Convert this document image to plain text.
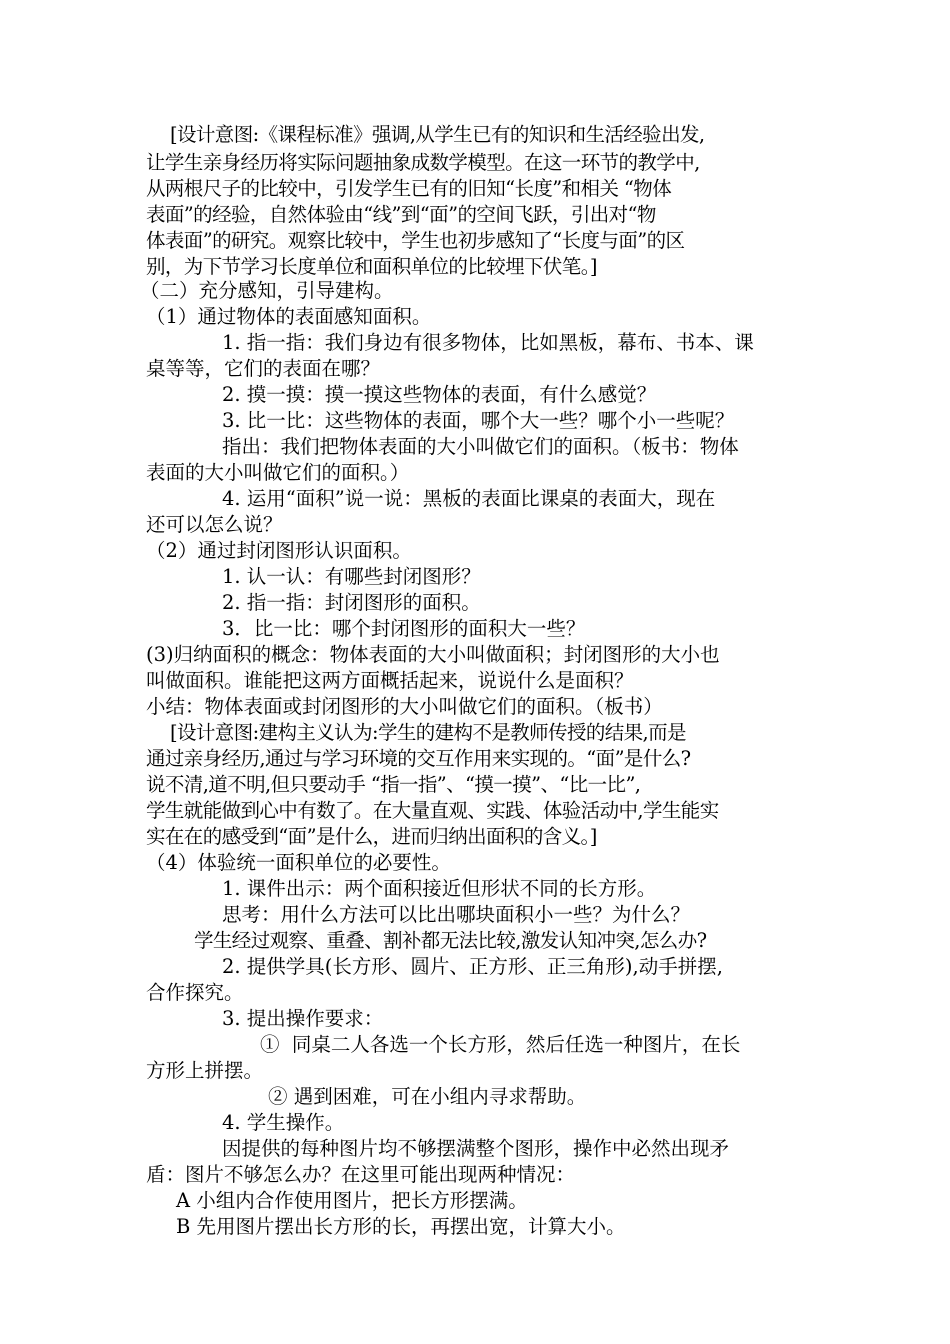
[设计意图:《课程标准》强调,从学生已有的知识和生活经验出发,
让学生亲身经历将实际问题抽象成数学模型。在这一环节的教学中,
从两根尺子的比较中，引发学生已有的旧知“长度”和相关 “物体
表面”的经验，自然体验由“线”到“面”的空间飞跃，引出对“物
体表面”的研究。观察比较中，学生也初步感知了“长度与面”的区
别，为下节学习长度单位和面积单位的比较埋下伏笔。]
（二）充分感知，引导建构。
（1）通过物体的表面感知面积。
1. 指一指：我们身边有很多物体，比如黑板，幕布、书本、课
桌等等，它们的表面在哪？
2. 摸一摸：摸一摸这些物体的表面，有什么感觉？
3. 比一比：这些物体的表面，哪个大一些？哪个小一些呢？
指出：我们把物体表面的大小叫做它们的面积。（板书：物体
表面的大小叫做它们的面积。）
4. 运用“面积”说一说：黑板的表面比课桌的表面大，现在
还可以怎么说？
（2）通过封闭图形认识面积。
1. 认一认：有哪些封闭图形？
2. 指一指：封闭图形的面积。
3．比一比：哪个封闭图形的面积大一些？
(3)归纳面积的概念：物体表面的大小叫做面积；封闭图形的大小也
叫做面积。谁能把这两方面概括起来，说说什么是面积？
小结：物体表面或封闭图形的大小叫做它们的面积。（板书）
[设计意图:建构主义认为:学生的建构不是教师传授的结果,而是
通过亲身经历,通过与学习环境的交互作用来实现的。“面”是什么?
说不清,道不明,但只要动手 “指一指”、“摸一摸”、“比一比”,
学生就能做到心中有数了。在大量直观、实践、体验活动中,学生能实
实在在的感受到“面”是什么，进而归纳出面积的含义。]
（4）体验统一面积单位的必要性。
1. 课件出示：两个面积接近但形状不同的长方形。
思考：用什么方法可以比出哪块面积小一些？为什么？
学生经过观察、重叠、割补都无法比较,激发认知冲突,怎么办?
2. 提供学具(长方形、圆片、正方形、正三角形),动手拼摆,
合作探究。
3. 提出操作要求：
①  同桌二人各选一个长方形，然后任选一种图片，在长
方形上拼摆。
② 遇到困难，可在小组内寻求帮助。
4. 学生操作。
因提供的每种图片均不够摆满整个图形，操作中必然出现矛
盾：图片不够怎么办？在这里可能出现两种情况：
A 小组内合作使用图片，把长方形摆满。
B 先用图片摆出长方形的长，再摆出宽，计算大小。
